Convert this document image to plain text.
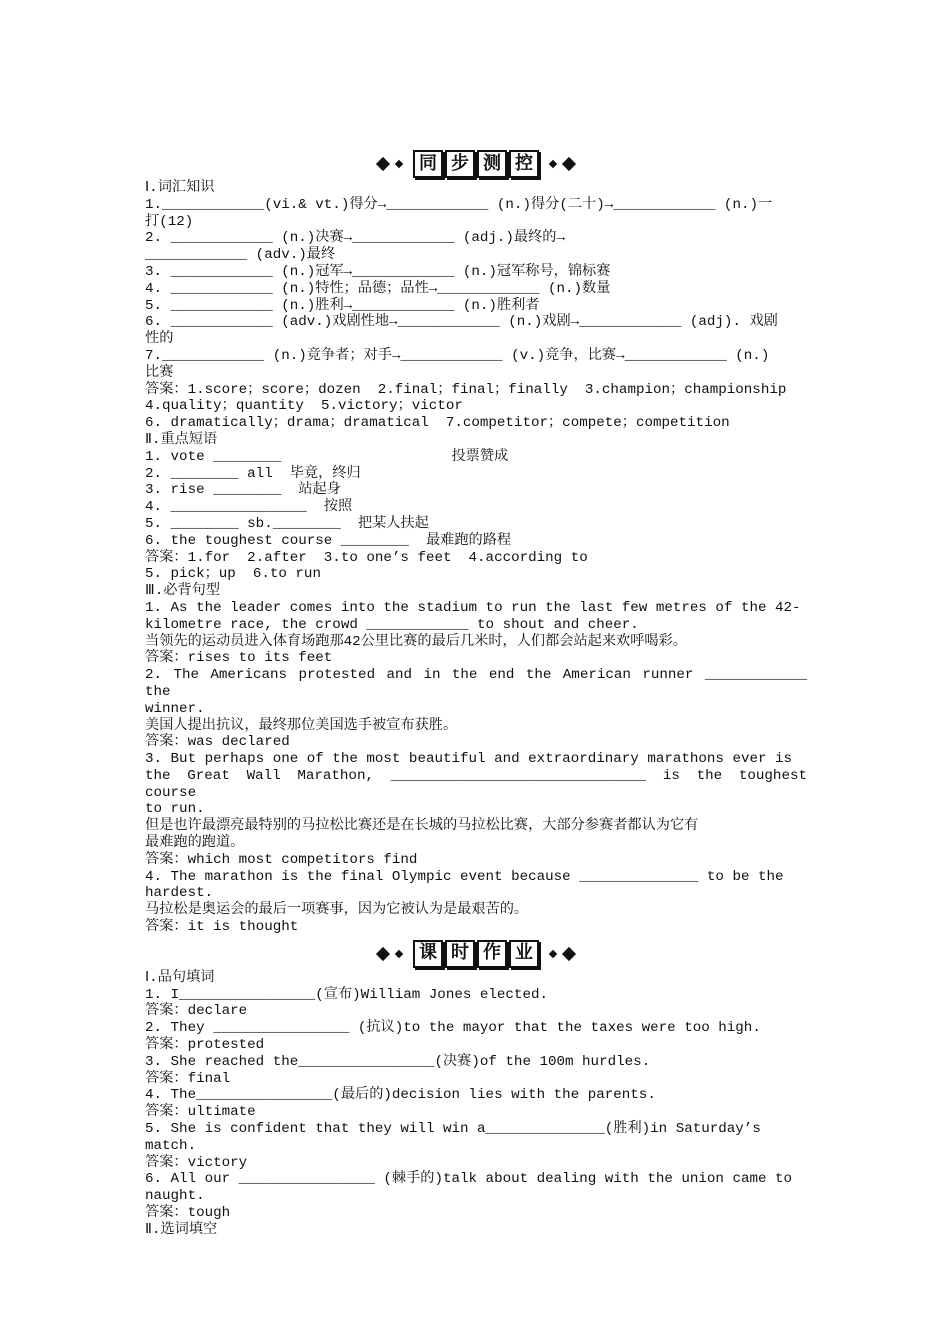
同 步 测 控
Ⅰ.词汇知识
1.____________(vi.& vt.)得分→____________ (n.)得分(二十)→____________ (n.)一
打(12)
2. ____________ (n.)决赛→____________ (adj.)最终的→
____________ (adv.)最终
3. ____________ (n.)冠军→____________ (n.)冠军称号，锦标赛
4. ____________ (n.)特性；品德；品性→____________ (n.)数量
5. ____________ (n.)胜利→____________ (n.)胜利者
6. ____________ (adv.)戏剧性地→____________ (n.)戏剧→____________ (adj). 戏剧
性的
7.____________ (n.)竞争者；对手→____________ (v.)竞争，比赛→____________ (n.)
比赛
答案：1.score；score；dozen  2.final；final；finally  3.champion；championship
4.quality；quantity  5.victory；victor
6. dramatically；drama；dramatical  7.competitor；compete；competition
Ⅱ.重点短语
1. vote ________                    投票赞成
2. ________ all  毕竟，终归
3. rise ________  站起身
4. ________________  按照
5. ________ sb.________  把某人扶起
6. the toughest course ________  最难跑的路程
答案：1.for  2.after  3.to one’s feet  4.according to
5. pick；up  6.to run
Ⅲ.必背句型
1. As the leader comes into the stadium to run the last few metres of the 42-
kilometre race, the crowd ____________ to shout and cheer.
当领先的运动员进入体育场跑那42公里比赛的最后几米时，人们都会站起来欢呼喝彩。
答案：rises to its feet
2. The Americans protested and in the end the American runner ____________ the
winner.
美国人提出抗议，最终那位美国选手被宣布获胜。
答案：was declared
3. But perhaps one of the most beautiful and extraordinary marathons ever is
the Great Wall Marathon, ______________________________ is the toughest course
to run.
但是也许最漂亮最特别的马拉松比赛还是在长城的马拉松比赛，大部分参赛者都认为它有
最难跑的跑道。
答案：which most competitors find
4. The marathon is the final Olympic event because ______________ to be the
hardest.
马拉松是奥运会的最后一项赛事，因为它被认为是最艰苦的。
答案：it is thought
课 时 作 业
Ⅰ.品句填词
1. I________________(宣布)William Jones elected.
答案：declare
2. They ________________ (抗议)to the mayor that the taxes were too high.
答案：protested
3. She reached the________________(决赛)of the 100m hurdles.
答案：final
4. The________________(最后的)decision lies with the parents.
答案：ultimate
5. She is confident that they will win a______________(胜利)in Saturday’s
match.
答案：victory
6. All our ________________ (棘手的)talk about dealing with the union came to
naught.
答案：tough
Ⅱ.选词填空
